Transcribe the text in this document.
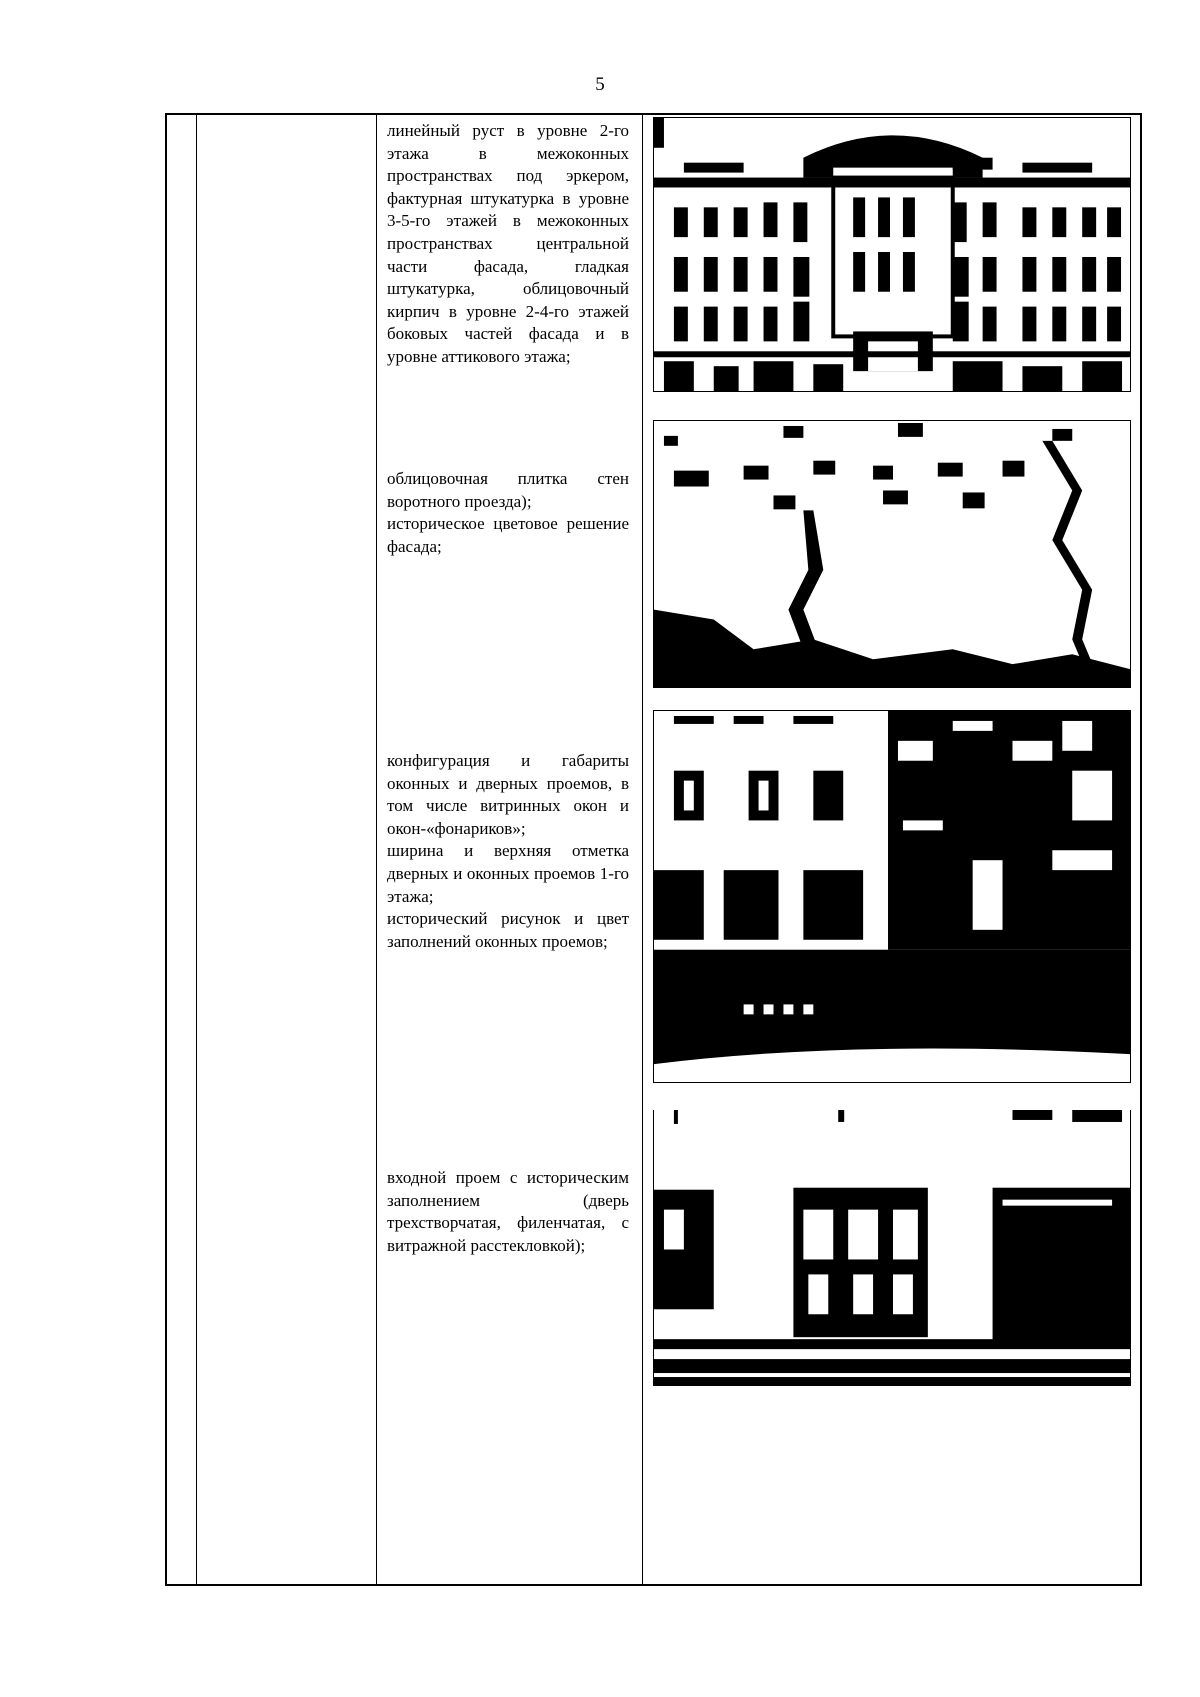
5

линейный руст в уровне 2-го этажа в межоконных пространствах под эркером, фактурная штукатурка в уровне 3-5-го этажей в межоконных пространствах центральной части фасада, гладкая штукатурка, облицовочный кирпич в уровне 2-4-го этажей боковых частей фасада и в уровне аттикового этажа;

облицовочная плитка стен воротного проезда);

историческое цветовое решение фасада;

конфигурация и габариты оконных и дверных проемов, в том числе витринных окон и окон-«фонариков»;

ширина и верхняя отметка дверных и оконных проемов 1-го этажа;

исторический рисунок и цвет заполнений оконных проемов;

входной проем с историческим заполнением (дверь трехстворчатая, филенчатая, с витражной расстекловкой);
